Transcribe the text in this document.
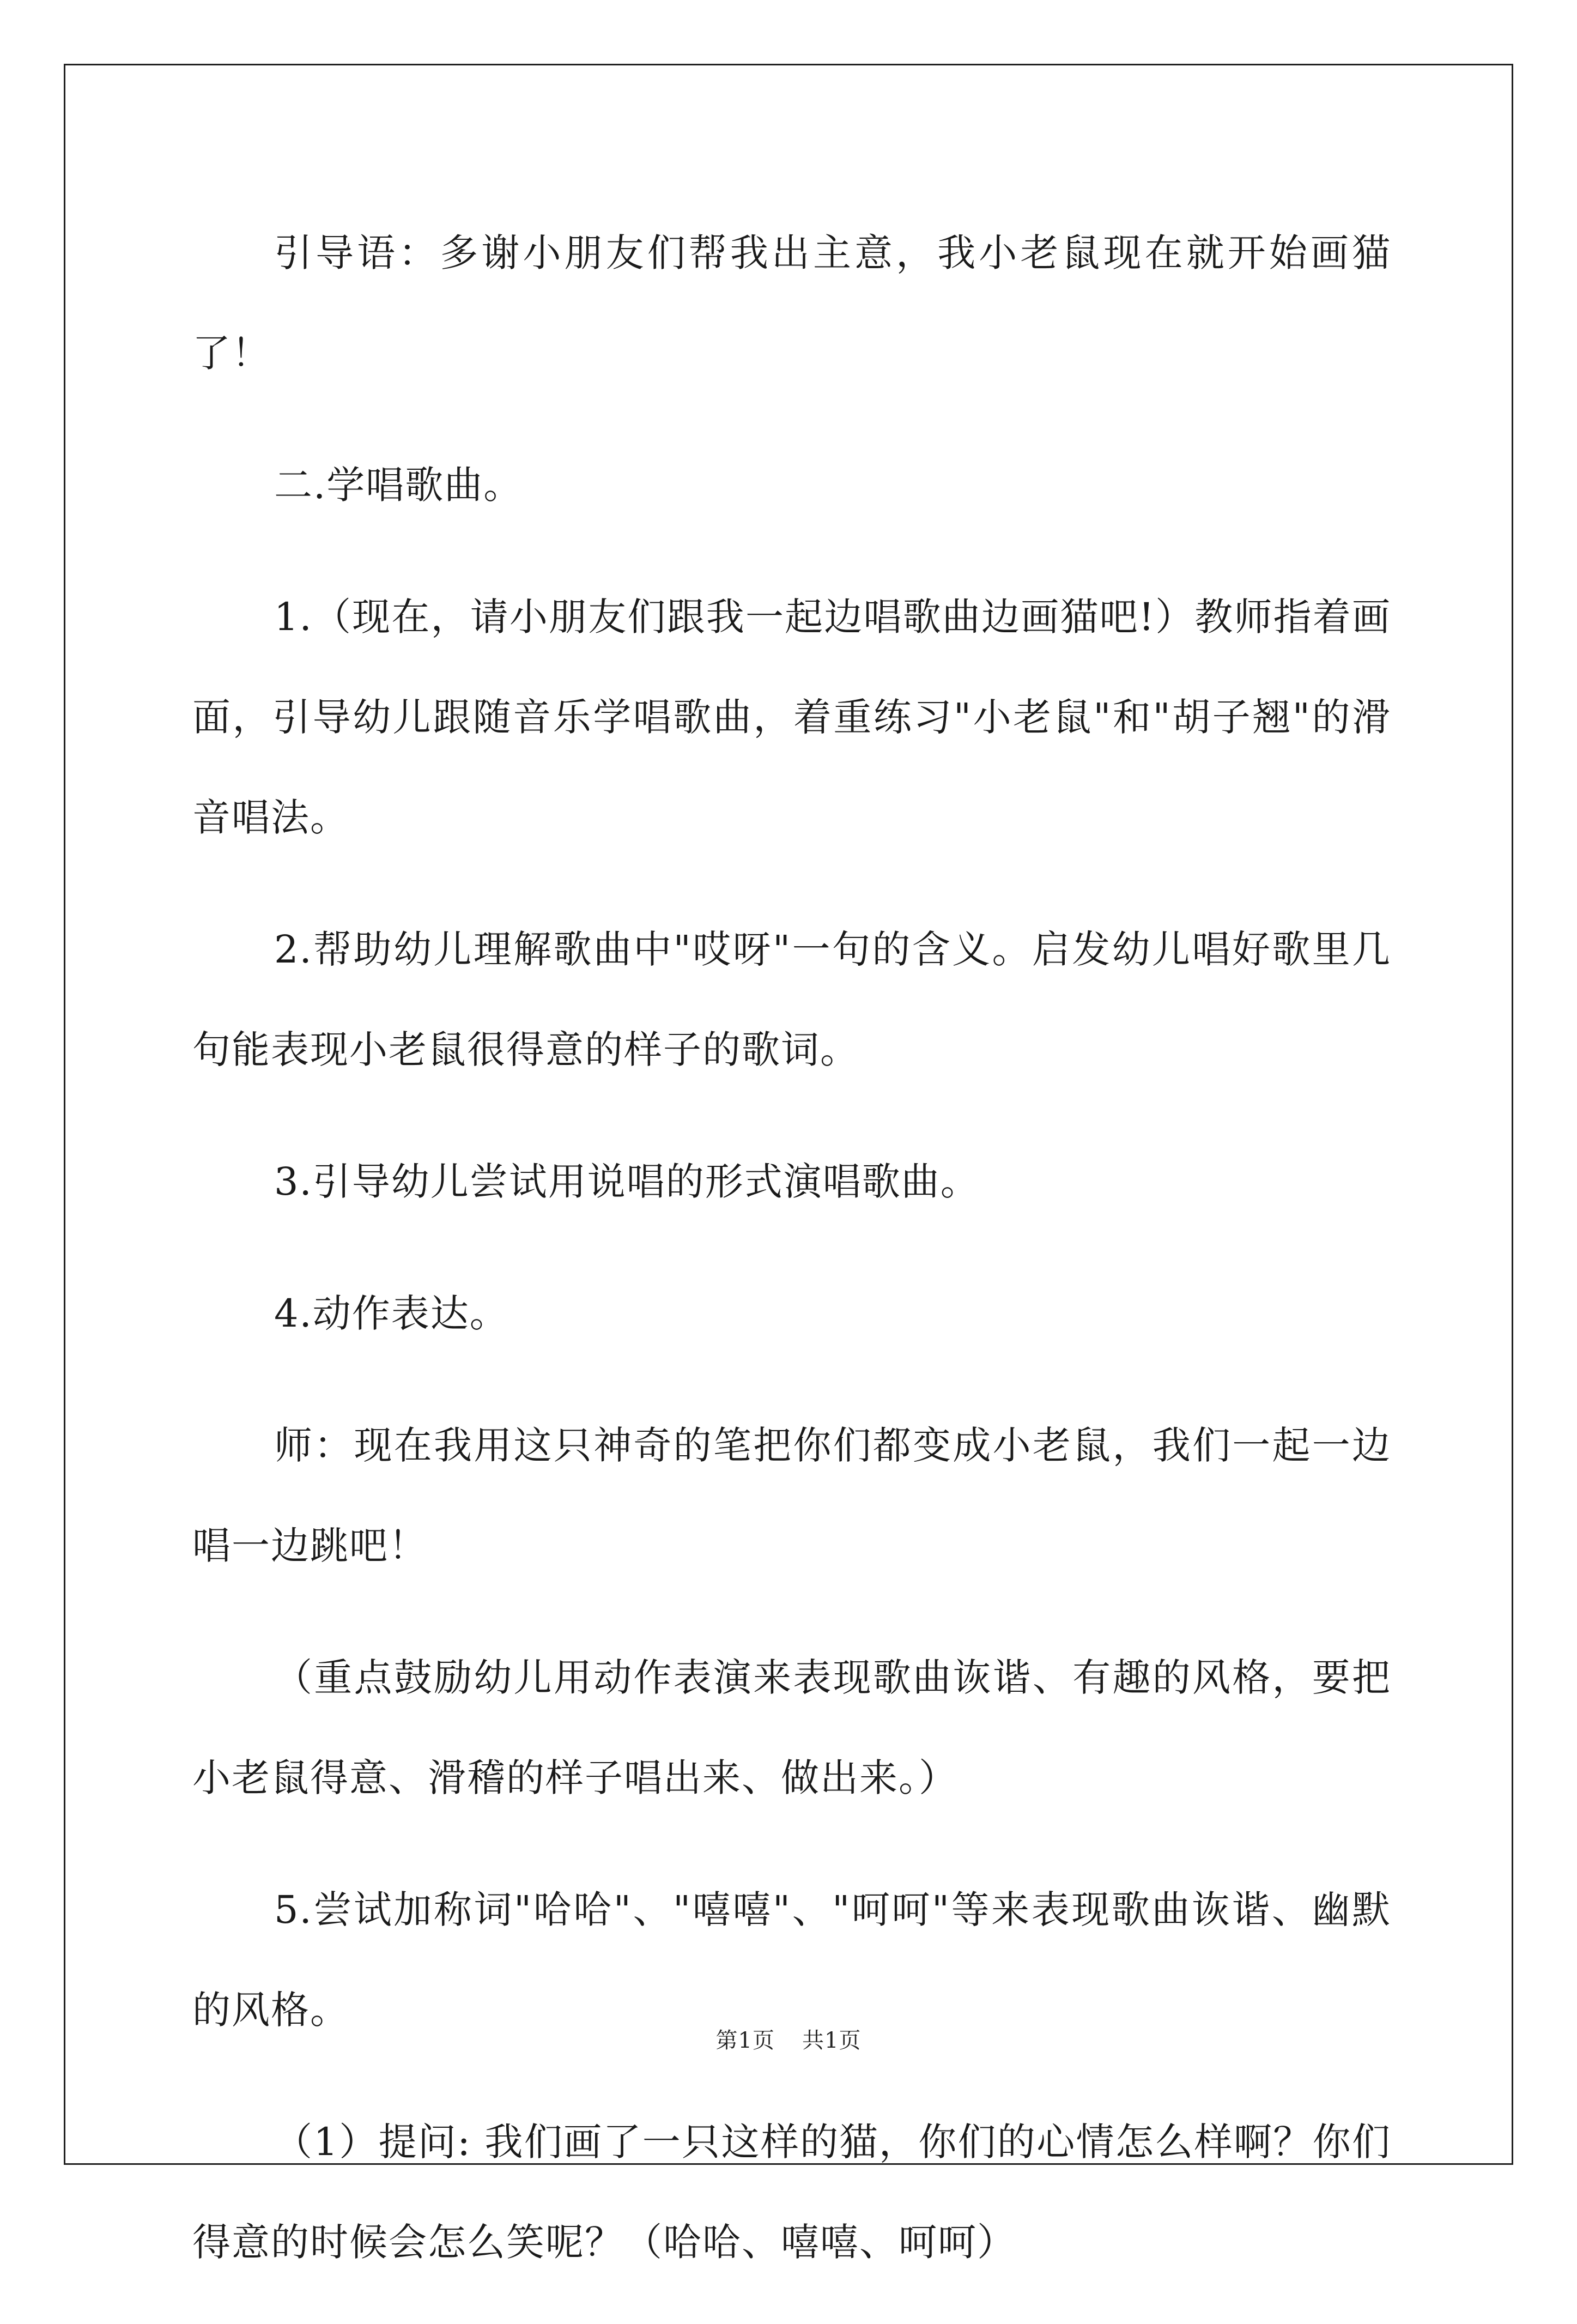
引导语：多谢小朋友们帮我出主意，我小老鼠现在就开始画猫了！

二.学唱歌曲。

1.（现在，请小朋友们跟我一起边唱歌曲边画猫吧!）教师指着画面，引导幼儿跟随音乐学唱歌曲，着重练习"小老鼠"和"胡子翘"的滑音唱法。

2.帮助幼儿理解歌曲中"哎呀"一句的含义。启发幼儿唱好歌里几句能表现小老鼠很得意的样子的歌词。

3.引导幼儿尝试用说唱的形式演唱歌曲。

4.动作表达。

师：现在我用这只神奇的笔把你们都变成小老鼠，我们一起一边唱一边跳吧！

（重点鼓励幼儿用动作表演来表现歌曲诙谐、有趣的风格，要把小老鼠得意、滑稽的样子唱出来、做出来。）

5.尝试加称词"哈哈"、"嘻嘻"、"呵呵"等来表现歌曲诙谐、幽默的风格。

（1）提问: 我们画了一只这样的猫，你们的心情怎么样啊？你们得意的时候会怎么笑呢？（哈哈、嘻嘻、呵呵）

第1页 共1页
